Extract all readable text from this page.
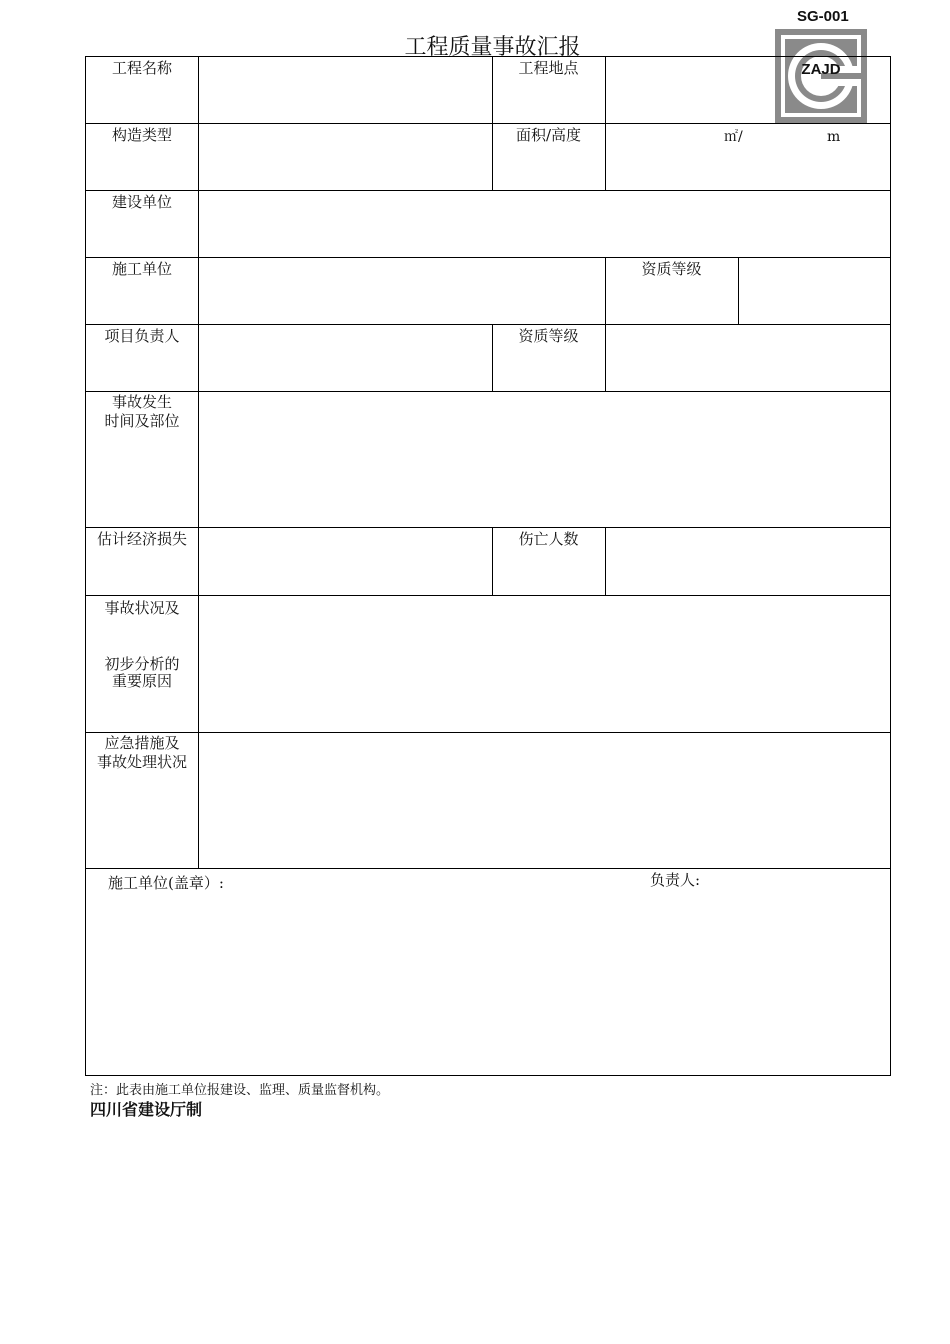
SG-001
工程质量事故汇报
ZAJD
工程名称	工程地点
构造类型	面积/高度	㎡/	m
建设单位
施工单位	资质等级
项目负责人	资质等级
事故发生
时间及部位
估计经济损失	伤亡人数
事故状况及
初步分析的
重要原因
应急措施及
事故处理状况
施工单位(盖章）:	负责人:
注：此表由施工单位报建设、监理、质量监督机构。
四川省建设厅制
